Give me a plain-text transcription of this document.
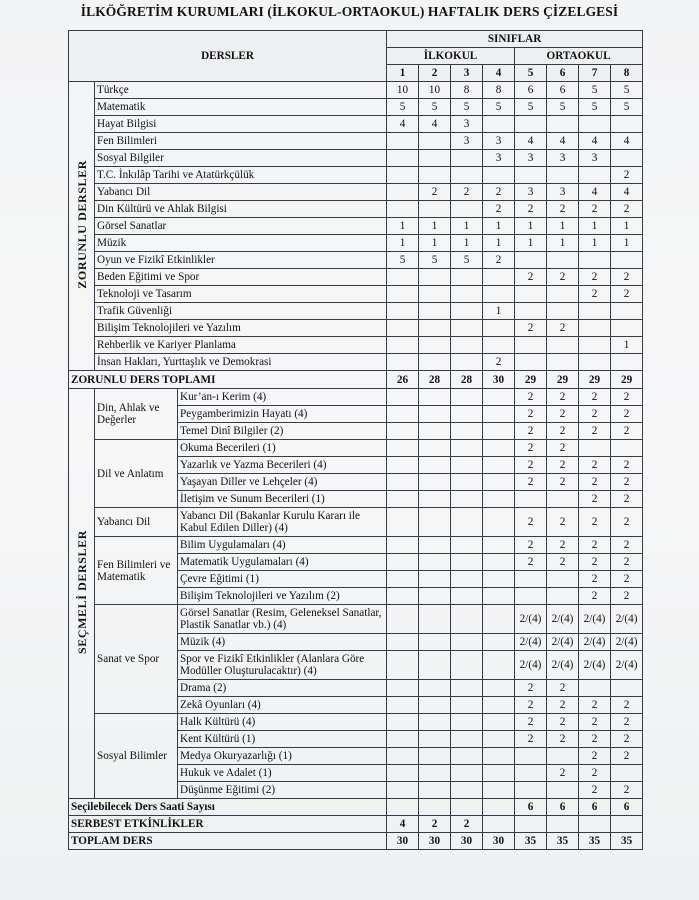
İLKÖĞRETİM KURUMLARI (İLKOKUL-ORTAOKUL) HAFTALIK DERS ÇİZELGESİ
DERSLER			SINIFLAR							
			İLKOKUL				ORTAOKUL			
			1	2	3	4	5	6	7	8
ZORUNLU DERSLER	Türkçe		10	10	8	8	6	6	5	5
	Matematik		5	5	5	5	5	5	5	5
	Hayat Bilgisi		4	4	3					
	Fen Bilimleri				3	3	4	4	4	4
	Sosyal Bilgiler					3	3	3	3	
	T.C. İnkılâp Tarihi ve Atatürkçülük									2
	Yabancı Dil			2	2	2	3	3	4	4
	Din Kültürü ve Ahlak Bilgisi					2	2	2	2	2
	Görsel Sanatlar		1	1	1	1	1	1	1	1
	Müzik		1	1	1	1	1	1	1	1
	Oyun ve Fizikî Etkinlikler		5	5	5	2				
	Beden Eğitimi ve Spor						2	2	2	2
	Teknoloji ve Tasarım								2	2
	Trafik Güvenliği					1				
	Bilişim Teknolojileri ve Yazılım						2	2		
	Rehberlik ve Kariyer Planlama									1
	İnsan Hakları, Yurttaşlık ve Demokrasi					2				
ZORUNLU DERS TOPLAMI			26	28	28	30	29	29	29	29
SEÇMELİ DERSLER	Din, Ahlak ve Değerler	Kur’an-ı Kerim (4)					2	2	2	2
		Peygamberimizin Hayatı (4)					2	2	2	2
		Temel Dinî Bilgiler (2)					2	2	2	2
	Dil ve Anlatım	Okuma Becerileri (1)					2	2		
		Yazarlık ve Yazma Becerileri (4)					2	2	2	2
		Yaşayan Diller ve Lehçeler (4)					2	2	2	2
		İletişim ve Sunum Becerileri (1)							2	2
	Yabancı Dil	Yabancı Dil (Bakanlar Kurulu Kararı ile Kabul Edilen Diller) (4)					2	2	2	2
	Fen Bilimleri ve Matematik	Bilim Uygulamaları (4)					2	2	2	2
		Matematik Uygulamaları (4)					2	2	2	2
		Çevre Eğitimi (1)							2	2
		Bilişim Teknolojileri ve Yazılım (2)							2	2
	Sanat ve Spor	Görsel Sanatlar (Resim, Geleneksel Sanatlar, Plastik Sanatlar vb.) (4)					2/(4)	2/(4)	2/(4)	2/(4)
		Müzik (4)					2/(4)	2/(4)	2/(4)	2/(4)
		Spor ve Fizikî Etkinlikler (Alanlara Göre Modüller Oluşturulacaktır) (4)					2/(4)	2/(4)	2/(4)	2/(4)
		Drama (2)					2	2		
		Zekâ Oyunları (4)					2	2	2	2
	Sosyal Bilimler	Halk Kültürü (4)					2	2	2	2
		Kent Kültürü (1)					2	2	2	2
		Medya Okuryazarlığı (1)							2	2
		Hukuk ve Adalet (1)						2	2	
		Düşünme Eğitimi (2)							2	2
Seçilebilecek Ders Saati Sayısı							6	6	6	6
SERBEST ETKİNLİKLER			4	2	2					
TOPLAM DERS			30	30	30	30	35	35	35	35
